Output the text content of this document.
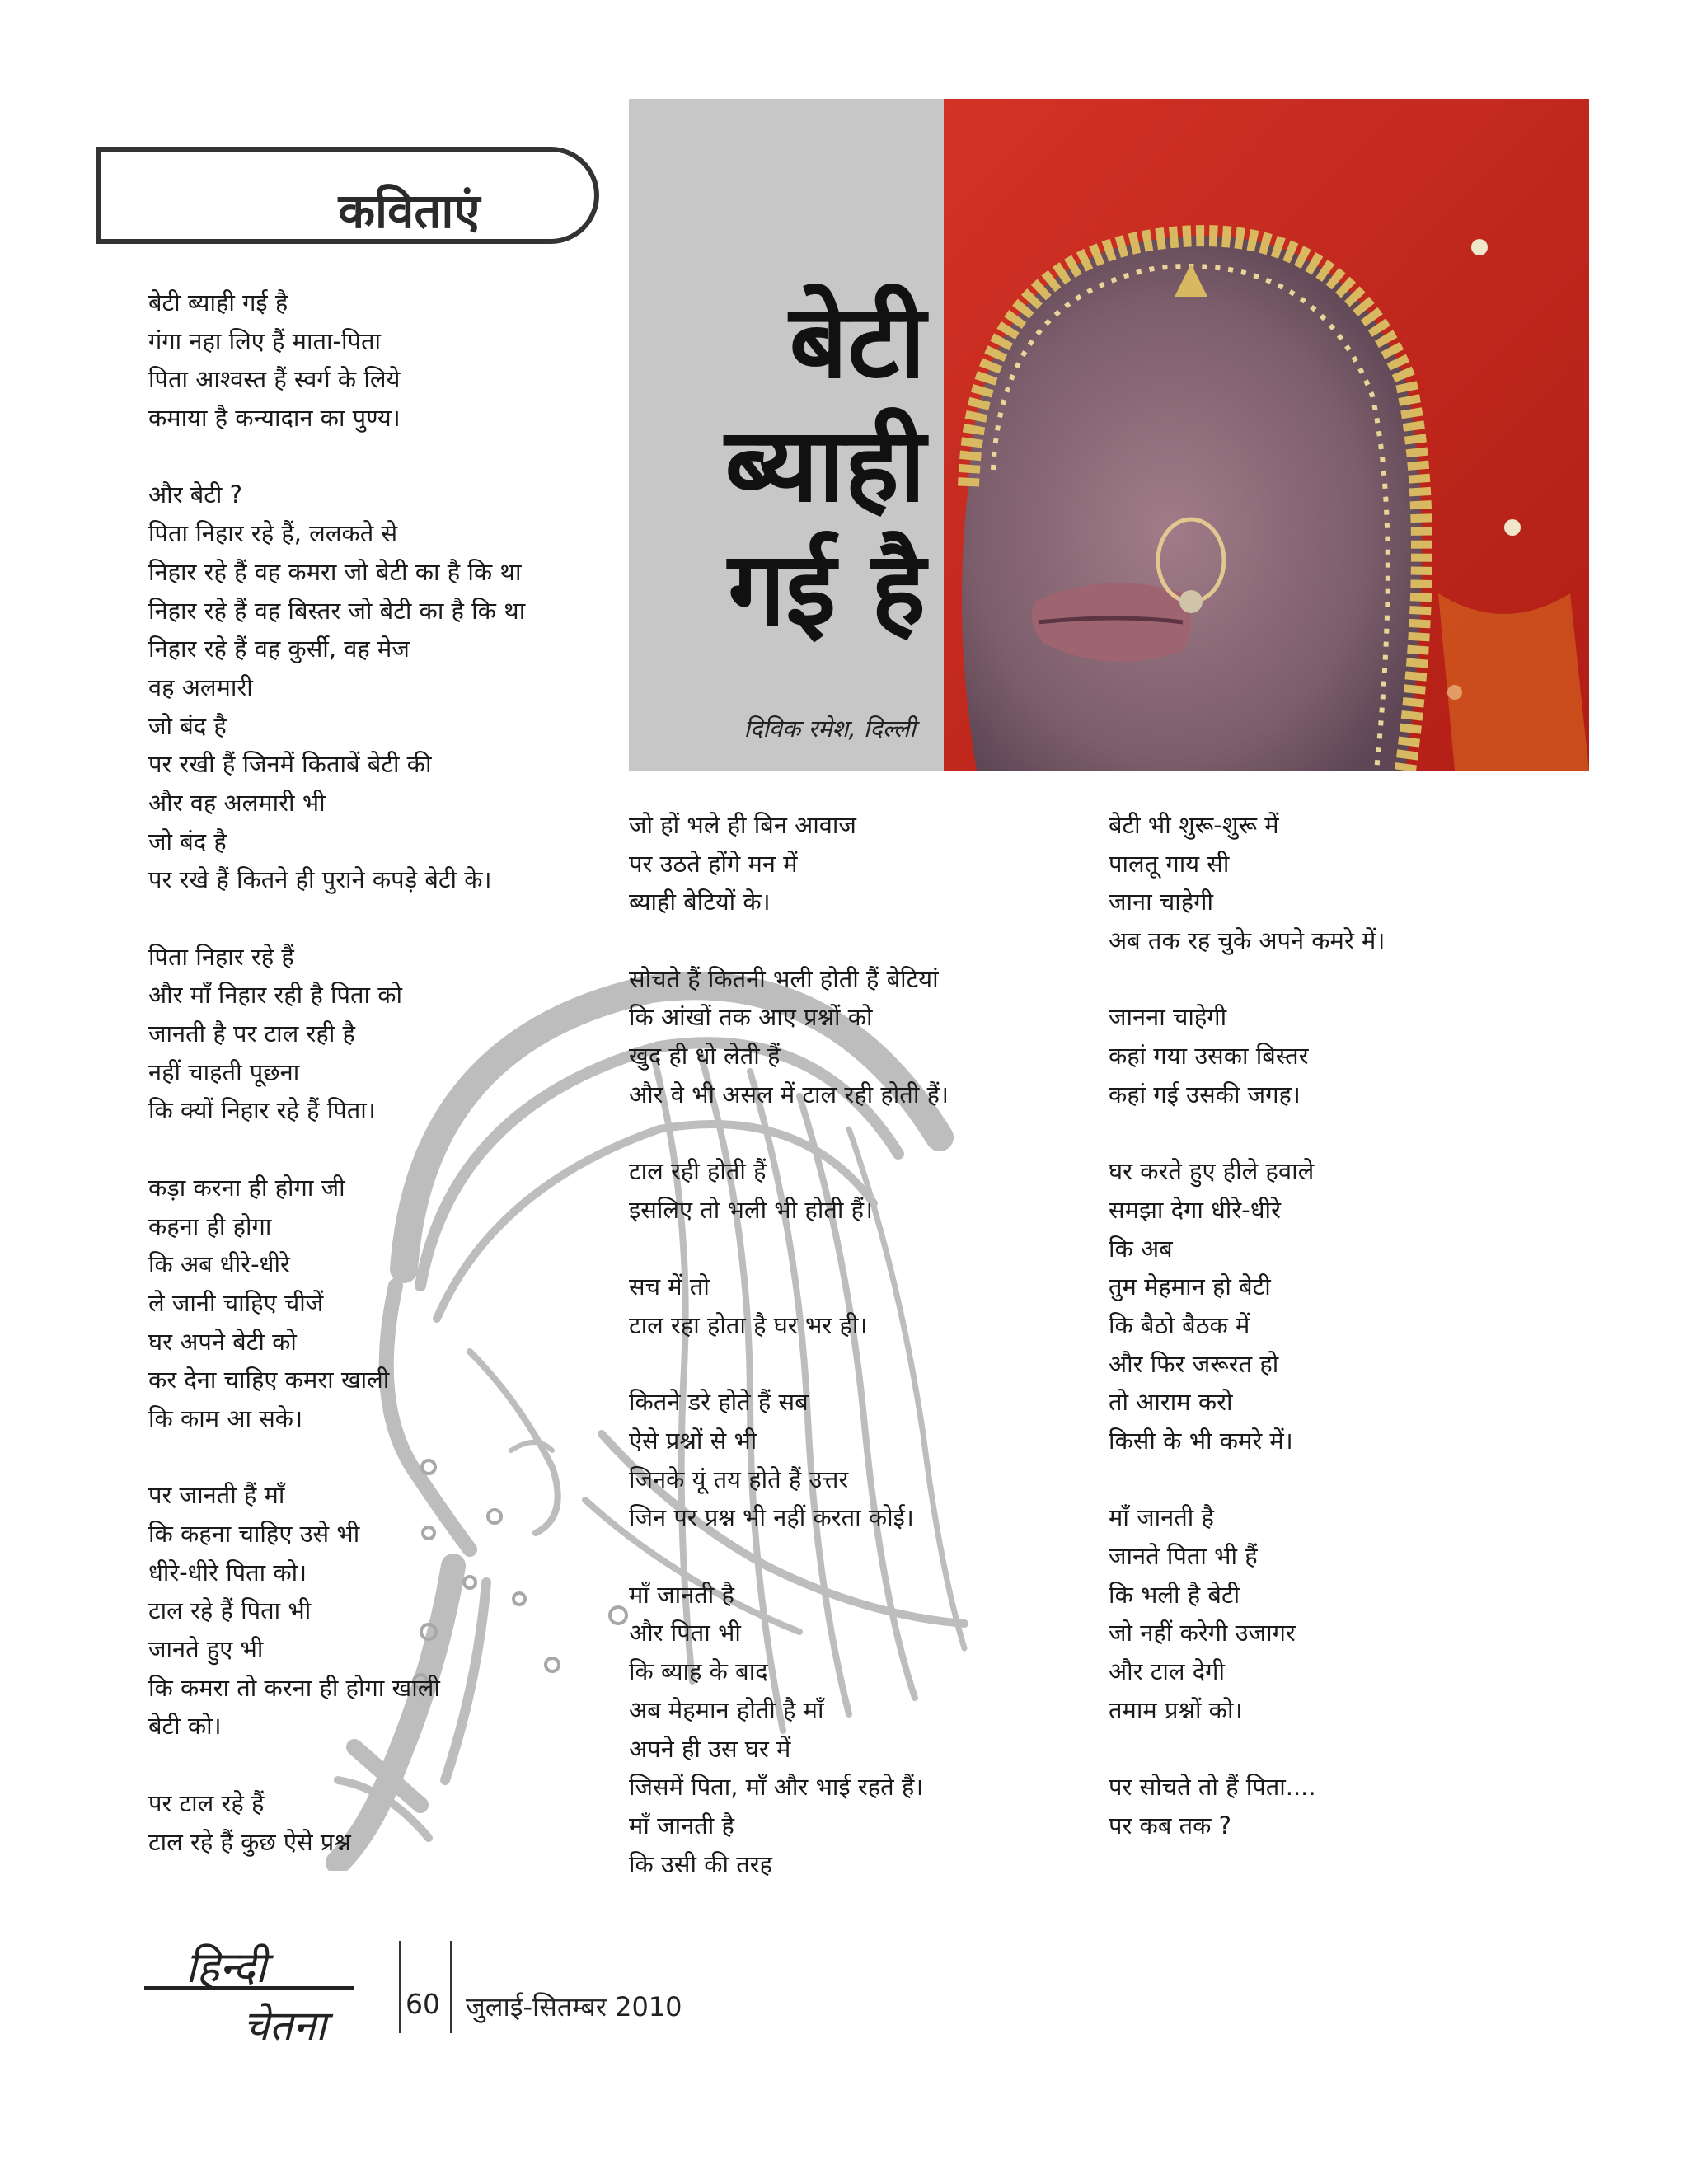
कविताएं
बेटी
ब्याही
गई है
दिविक रमेश, दिल्ली
बेटी ब्याही गई है
गंगा नहा लिए हैं माता-पिता
पिता आश्वस्त हैं स्वर्ग के लिये
कमाया है कन्यादान का पुण्य।
और बेटी ?
पिता निहार रहे हैं, ललकते से
निहार रहे हैं वह कमरा जो बेटी का है कि था
निहार रहे हैं वह बिस्तर जो बेटी का है कि था
निहार रहे हैं वह कुर्सी, वह मेज
वह अलमारी
जो बंद है
पर रखी हैं जिनमें किताबें बेटी की
और वह अलमारी भी
जो बंद है
पर रखे हैं कितने ही पुराने कपड़े बेटी के।
पिता निहार रहे हैं
और माँ निहार रही है पिता को
जानती है पर टाल रही है
नहीं चाहती पूछना
कि क्यों निहार रहे हैं पिता।
कड़ा करना ही होगा जी
कहना ही होगा
कि अब धीरे-धीरे
ले जानी चाहिए चीजें
घर अपने बेटी को
कर देना चाहिए कमरा खाली
कि काम आ सके।
पर जानती हैं माँ
कि कहना चाहिए उसे भी
धीरे-धीरे पिता को।
टाल रहे हैं पिता भी
जानते हुए भी
कि कमरा तो करना ही होगा खाली
बेटी को।
पर टाल रहे हैं
टाल रहे हैं कुछ ऐसे प्रश्न
जो हों भले ही बिन आवाज
पर उठते होंगे मन में
ब्याही बेटियों के।
सोचते हैं कितनी भली होती हैं बेटियां
कि आंखों तक आए प्रश्नों को
खुद ही धो लेती हैं
और वे भी असल में टाल रही होती हैं।
टाल रही होती हैं
इसलिए तो भली भी होती हैं।
सच में तो
टाल रहा होता है घर भर ही।
कितने डरे होते हैं सब
ऐसे प्रश्नों से भी
जिनके यूं तय होते हैं उत्तर
जिन पर प्रश्न भी नहीं करता कोई।
माँ जानती है
और पिता भी
कि ब्याह के बाद
अब मेहमान होती है माँ
अपने ही उस घर में
जिसमें पिता, माँ और भाई रहते हैं।
माँ जानती है
कि उसी की तरह
बेटी भी शुरू-शुरू में
पालतू गाय सी
जाना चाहेगी
अब तक रह चुके अपने कमरे में।
जानना चाहेगी
कहां गया उसका बिस्तर
कहां गई उसकी जगह।
घर करते हुए हीले हवाले
समझा देगा धीरे-धीरे
कि अब
तुम मेहमान हो बेटी
कि बैठो बैठक में
और फिर जरूरत हो
तो आराम करो
किसी के भी कमरे में।
माँ जानती है
जानते पिता भी हैं
कि भली है बेटी
जो नहीं करेगी उजागर
और टाल देगी
तमाम प्रश्नों को।
पर सोचते तो हैं पिता....
पर कब तक ?
हिन्दी
चेतना	60 जुलाई-सितम्बर 2010
